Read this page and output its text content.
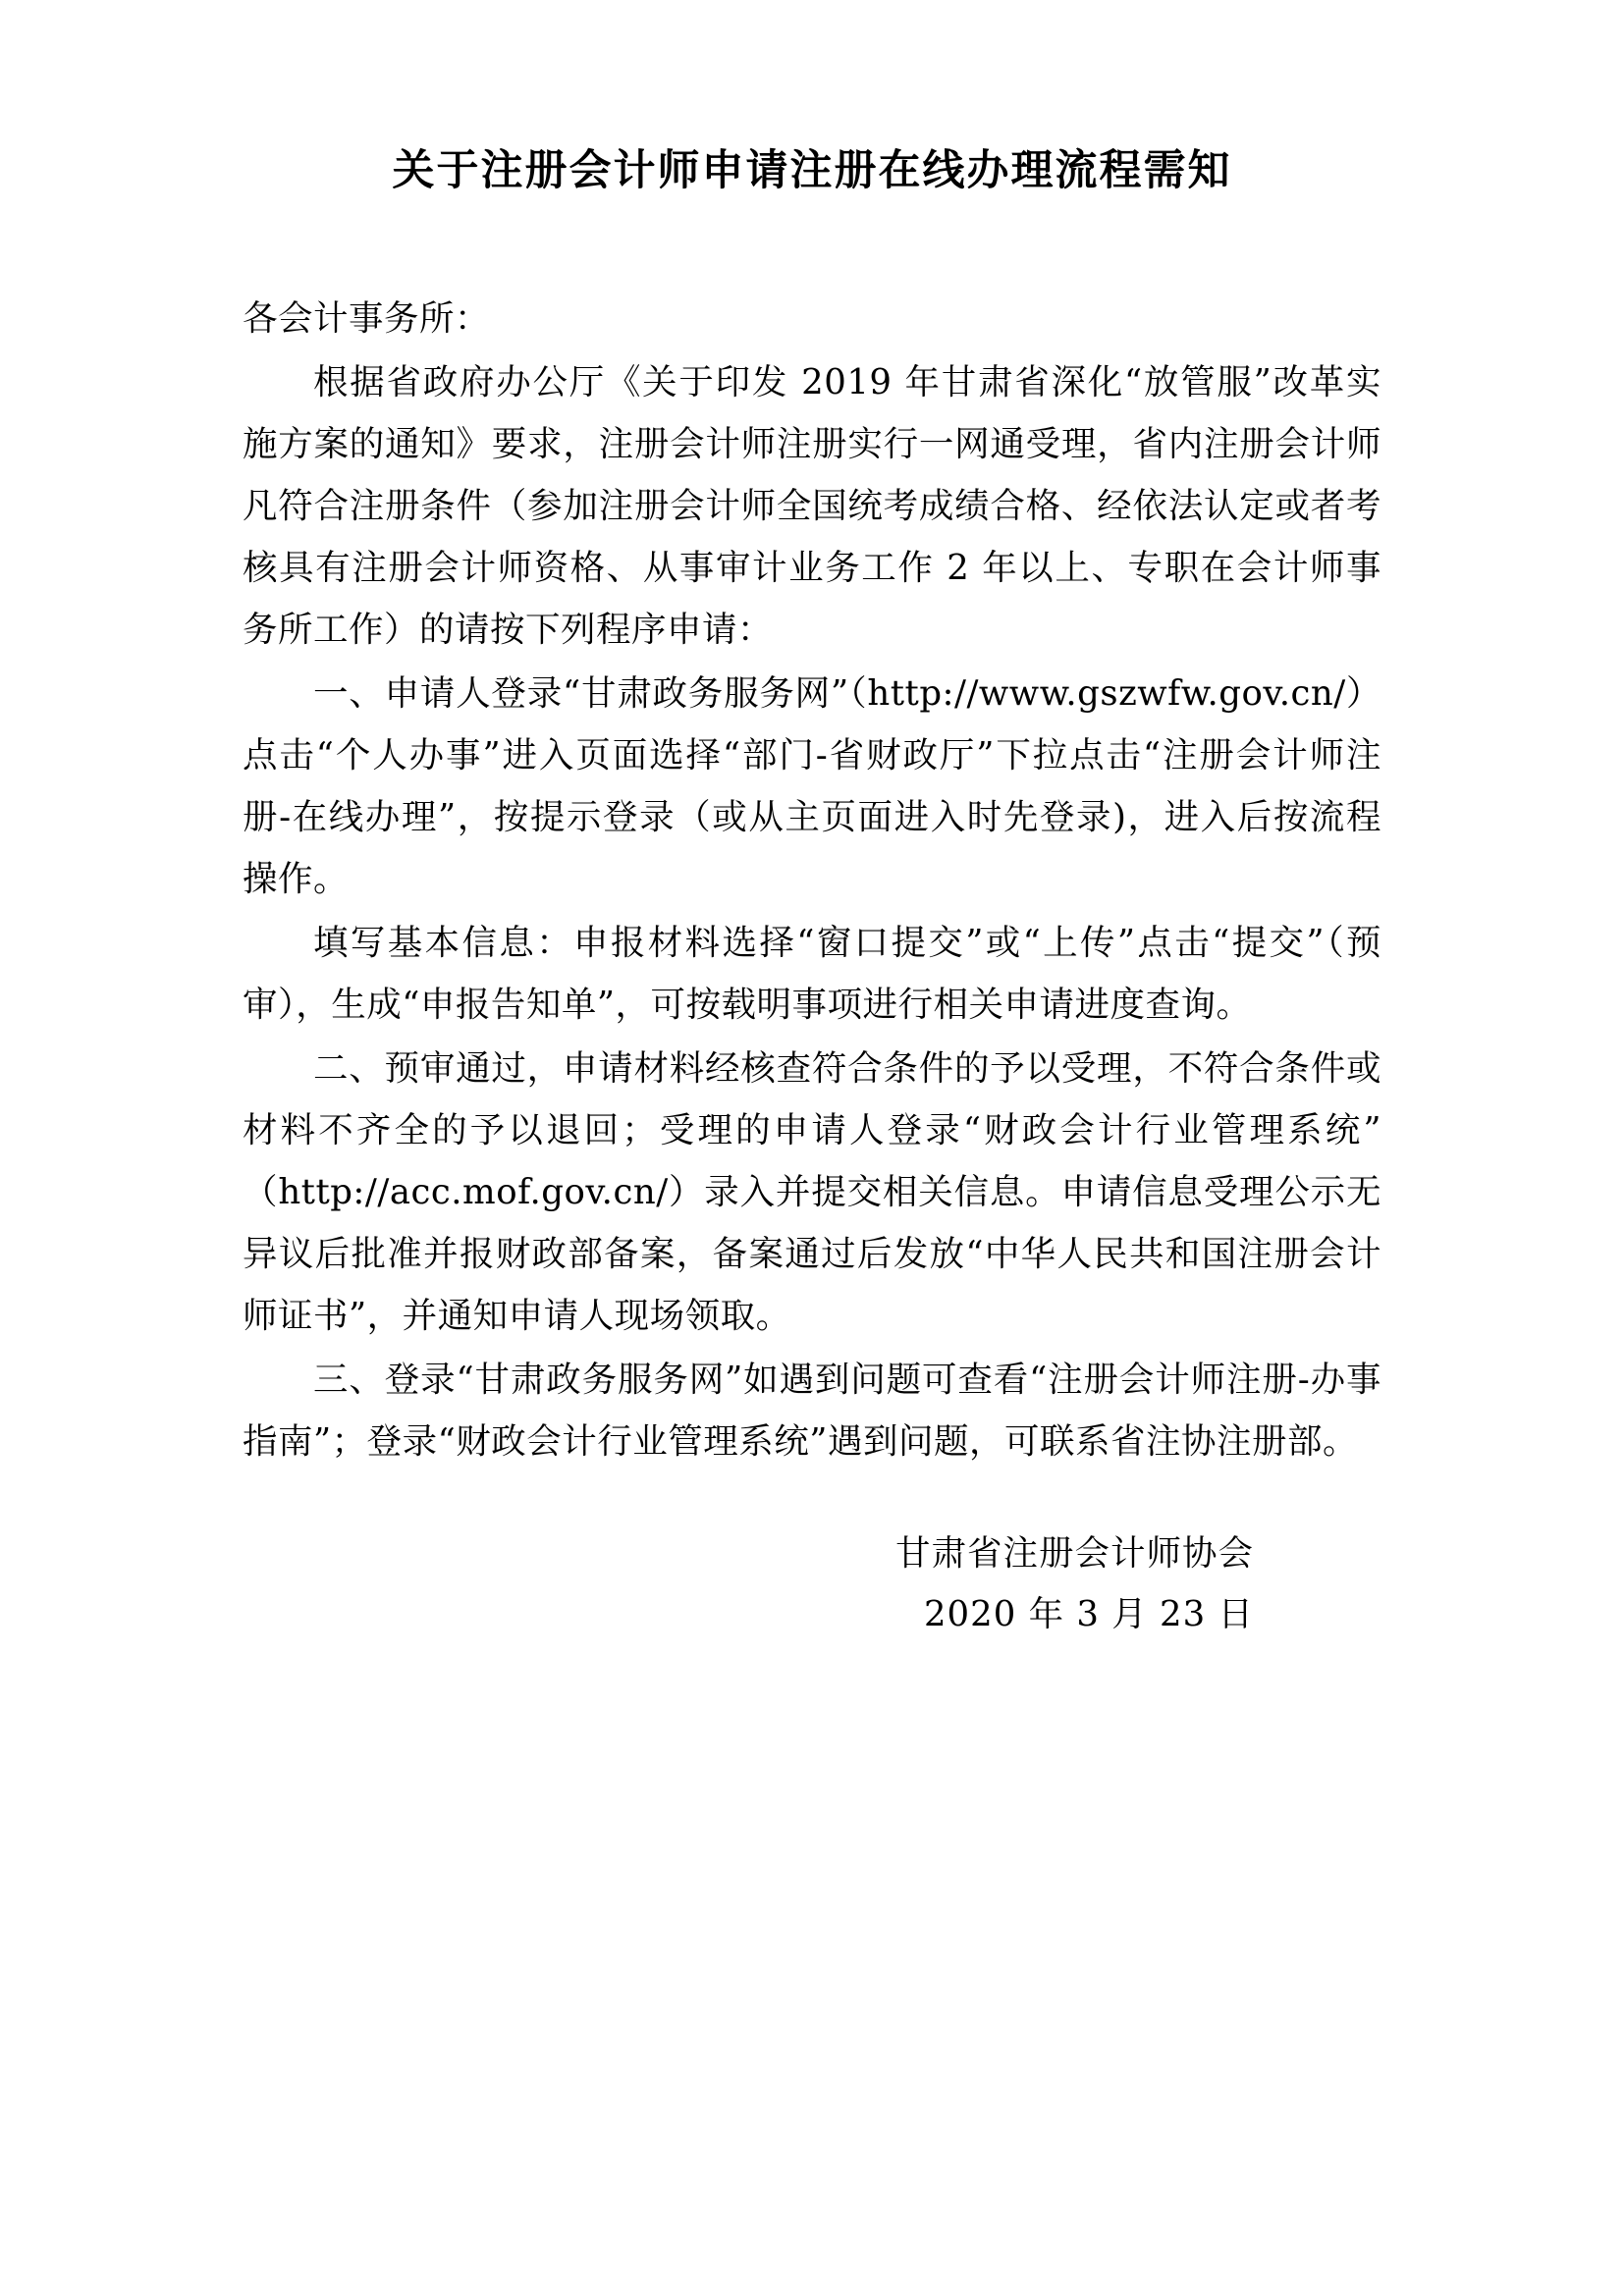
关于注册会计师申请注册在线办理流程需知

各会计事务所：

根据省政府办公厅《关于印发 2019 年甘肃省深化“放管服”改革实施方案的通知》要求，注册会计师注册实行一网通受理，省内注册会计师凡符合注册条件（参加注册会计师全国统考成绩合格、经依法认定或者考核具有注册会计师资格、从事审计业务工作 2 年以上、专职在会计师事务所工作）的请按下列程序申请：

一、申请人登录“甘肃政务服务网”（http://www.gszwfw.gov.cn/）点击“个人办事”进入页面选择“部门-省财政厅”下拉点击“注册会计师注册-在线办理”，按提示登录（或从主页面进入时先登录)，进入后按流程操作。

填写基本信息：申报材料选择“窗口提交”或“上传”点击“提交”（预审），生成“申报告知单”，可按载明事项进行相关申请进度查询。

二、预审通过，申请材料经核查符合条件的予以受理，不符合条件或材料不齐全的予以退回；受理的申请人登录“财政会计行业管理系统”（http://acc.mof.gov.cn/）录入并提交相关信息。申请信息受理公示无异议后批准并报财政部备案，备案通过后发放“中华人民共和国注册会计师证书”，并通知申请人现场领取。

三、登录“甘肃政务服务网”如遇到问题可查看“注册会计师注册-办事指南”；登录“财政会计行业管理系统”遇到问题，可联系省注协注册部。

甘肃省注册会计师协会
2020 年 3 月 23 日
